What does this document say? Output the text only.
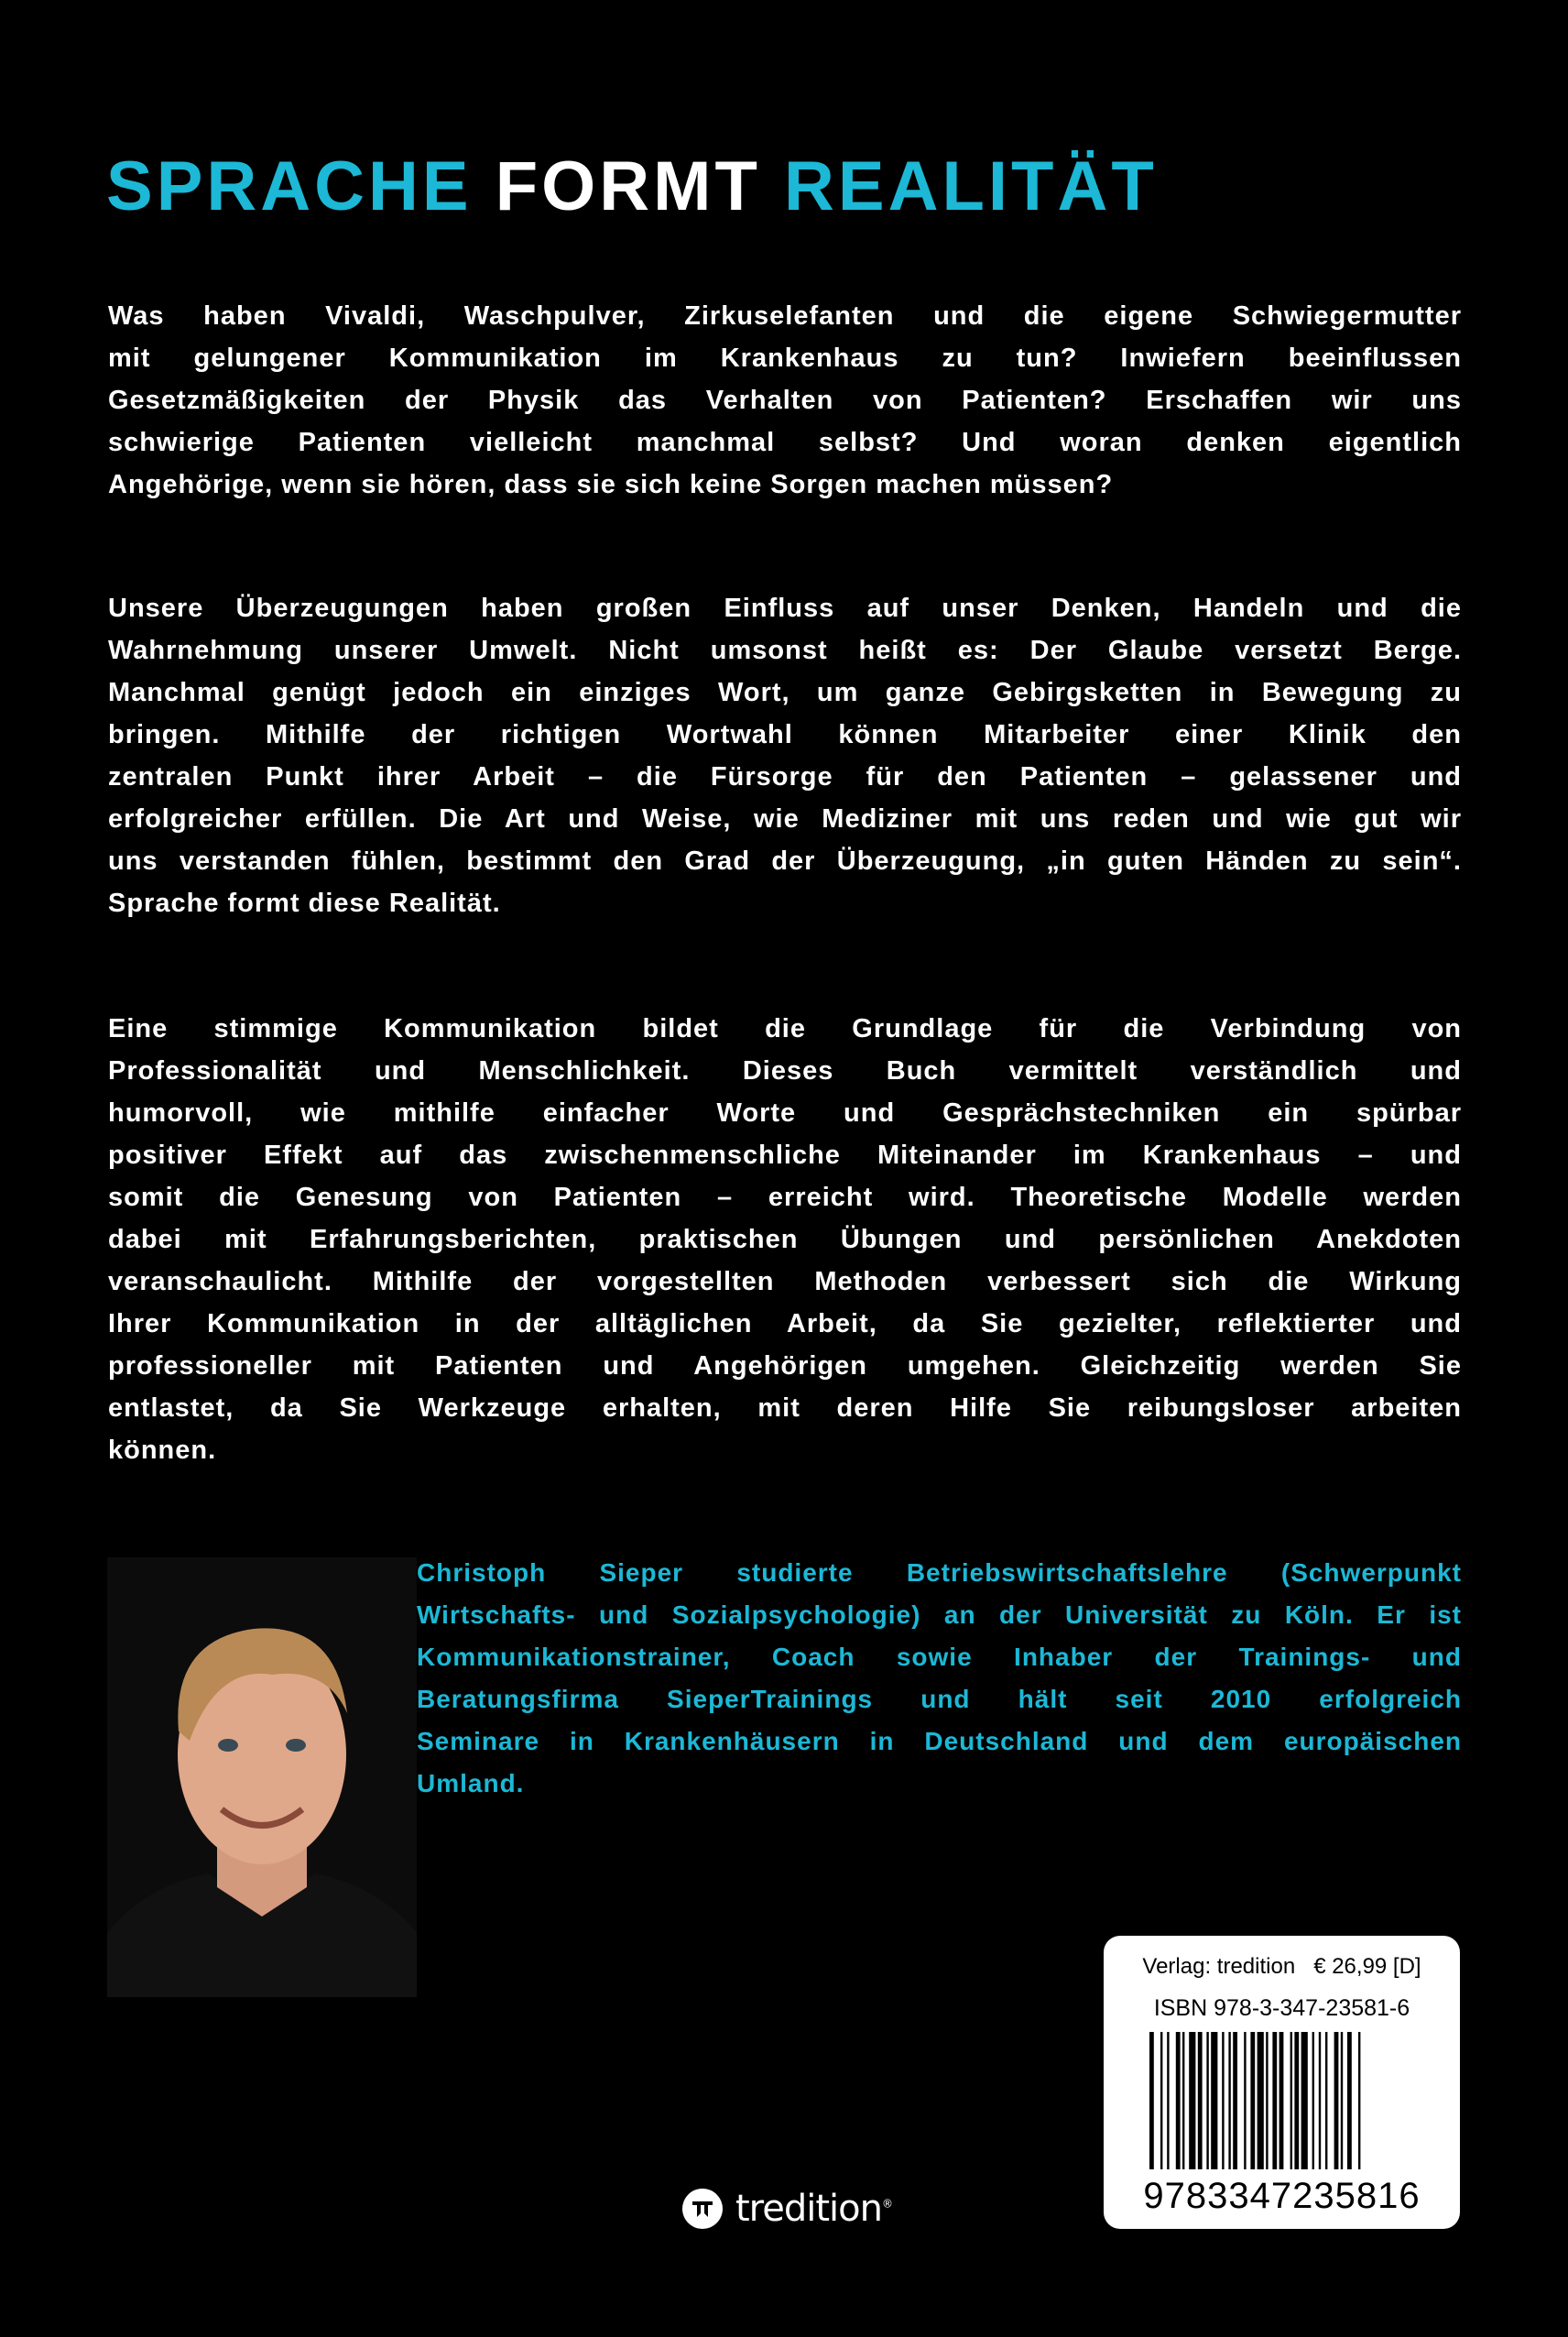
SPRACHE FORMT REALITÄT
Was haben Vivaldi, Waschpulver, Zirkuselefanten und die eigene Schwiegermutter
mit gelungener Kommunikation im Krankenhaus zu tun? Inwiefern beeinflussen
Gesetzmäßigkeiten der Physik das Verhalten von Patienten? Erschaffen wir uns
schwierige Patienten vielleicht manchmal selbst? Und woran denken eigentlich
Angehörige, wenn sie hören, dass sie sich keine Sorgen machen müssen?
Unsere Überzeugungen haben großen Einfluss auf unser Denken, Handeln und die
Wahrnehmung unserer Umwelt. Nicht umsonst heißt es: Der Glaube versetzt Berge.
Manchmal genügt jedoch ein einziges Wort, um ganze Gebirgsketten in Bewegung zu
bringen. Mithilfe der richtigen Wortwahl können Mitarbeiter einer Klinik den
zentralen Punkt ihrer Arbeit – die Fürsorge für den Patienten – gelassener und
erfolgreicher erfüllen. Die Art und Weise, wie Mediziner mit uns reden und wie gut wir
uns verstanden fühlen, bestimmt den Grad der Überzeugung, „in guten Händen zu sein“.
Sprache formt diese Realität.
Eine stimmige Kommunikation bildet die Grundlage für die Verbindung von
Professionalität und Menschlichkeit. Dieses Buch vermittelt verständlich und
humorvoll, wie mithilfe einfacher Worte und Gesprächstechniken ein spürbar
positiver Effekt auf das zwischenmenschliche Miteinander im Krankenhaus – und
somit die Genesung von Patienten – erreicht wird. Theoretische Modelle werden
dabei mit Erfahrungsberichten, praktischen Übungen und persönlichen Anekdoten
veranschaulicht. Mithilfe der vorgestellten Methoden verbessert sich die Wirkung
Ihrer Kommunikation in der alltäglichen Arbeit, da Sie gezielter, reflektierter und
professioneller mit Patienten und Angehörigen umgehen. Gleichzeitig werden Sie
entlastet, da Sie Werkzeuge erhalten, mit deren Hilfe Sie reibungsloser arbeiten
können.
Christoph Sieper studierte Betriebswirtschaftslehre (Schwerpunkt
Wirtschafts- und Sozialpsychologie) an der Universität zu Köln. Er ist
Kommunikationstrainer, Coach sowie Inhaber der Trainings- und
Beratungsfirma SieperTrainings und hält seit 2010 erfolgreich
Seminare in Krankenhäusern in Deutschland und dem europäischen
Umland.
Verlag: tredition € 26,99 [D]
ISBN 978-3-347-23581-6
9783347235816
tredition®
